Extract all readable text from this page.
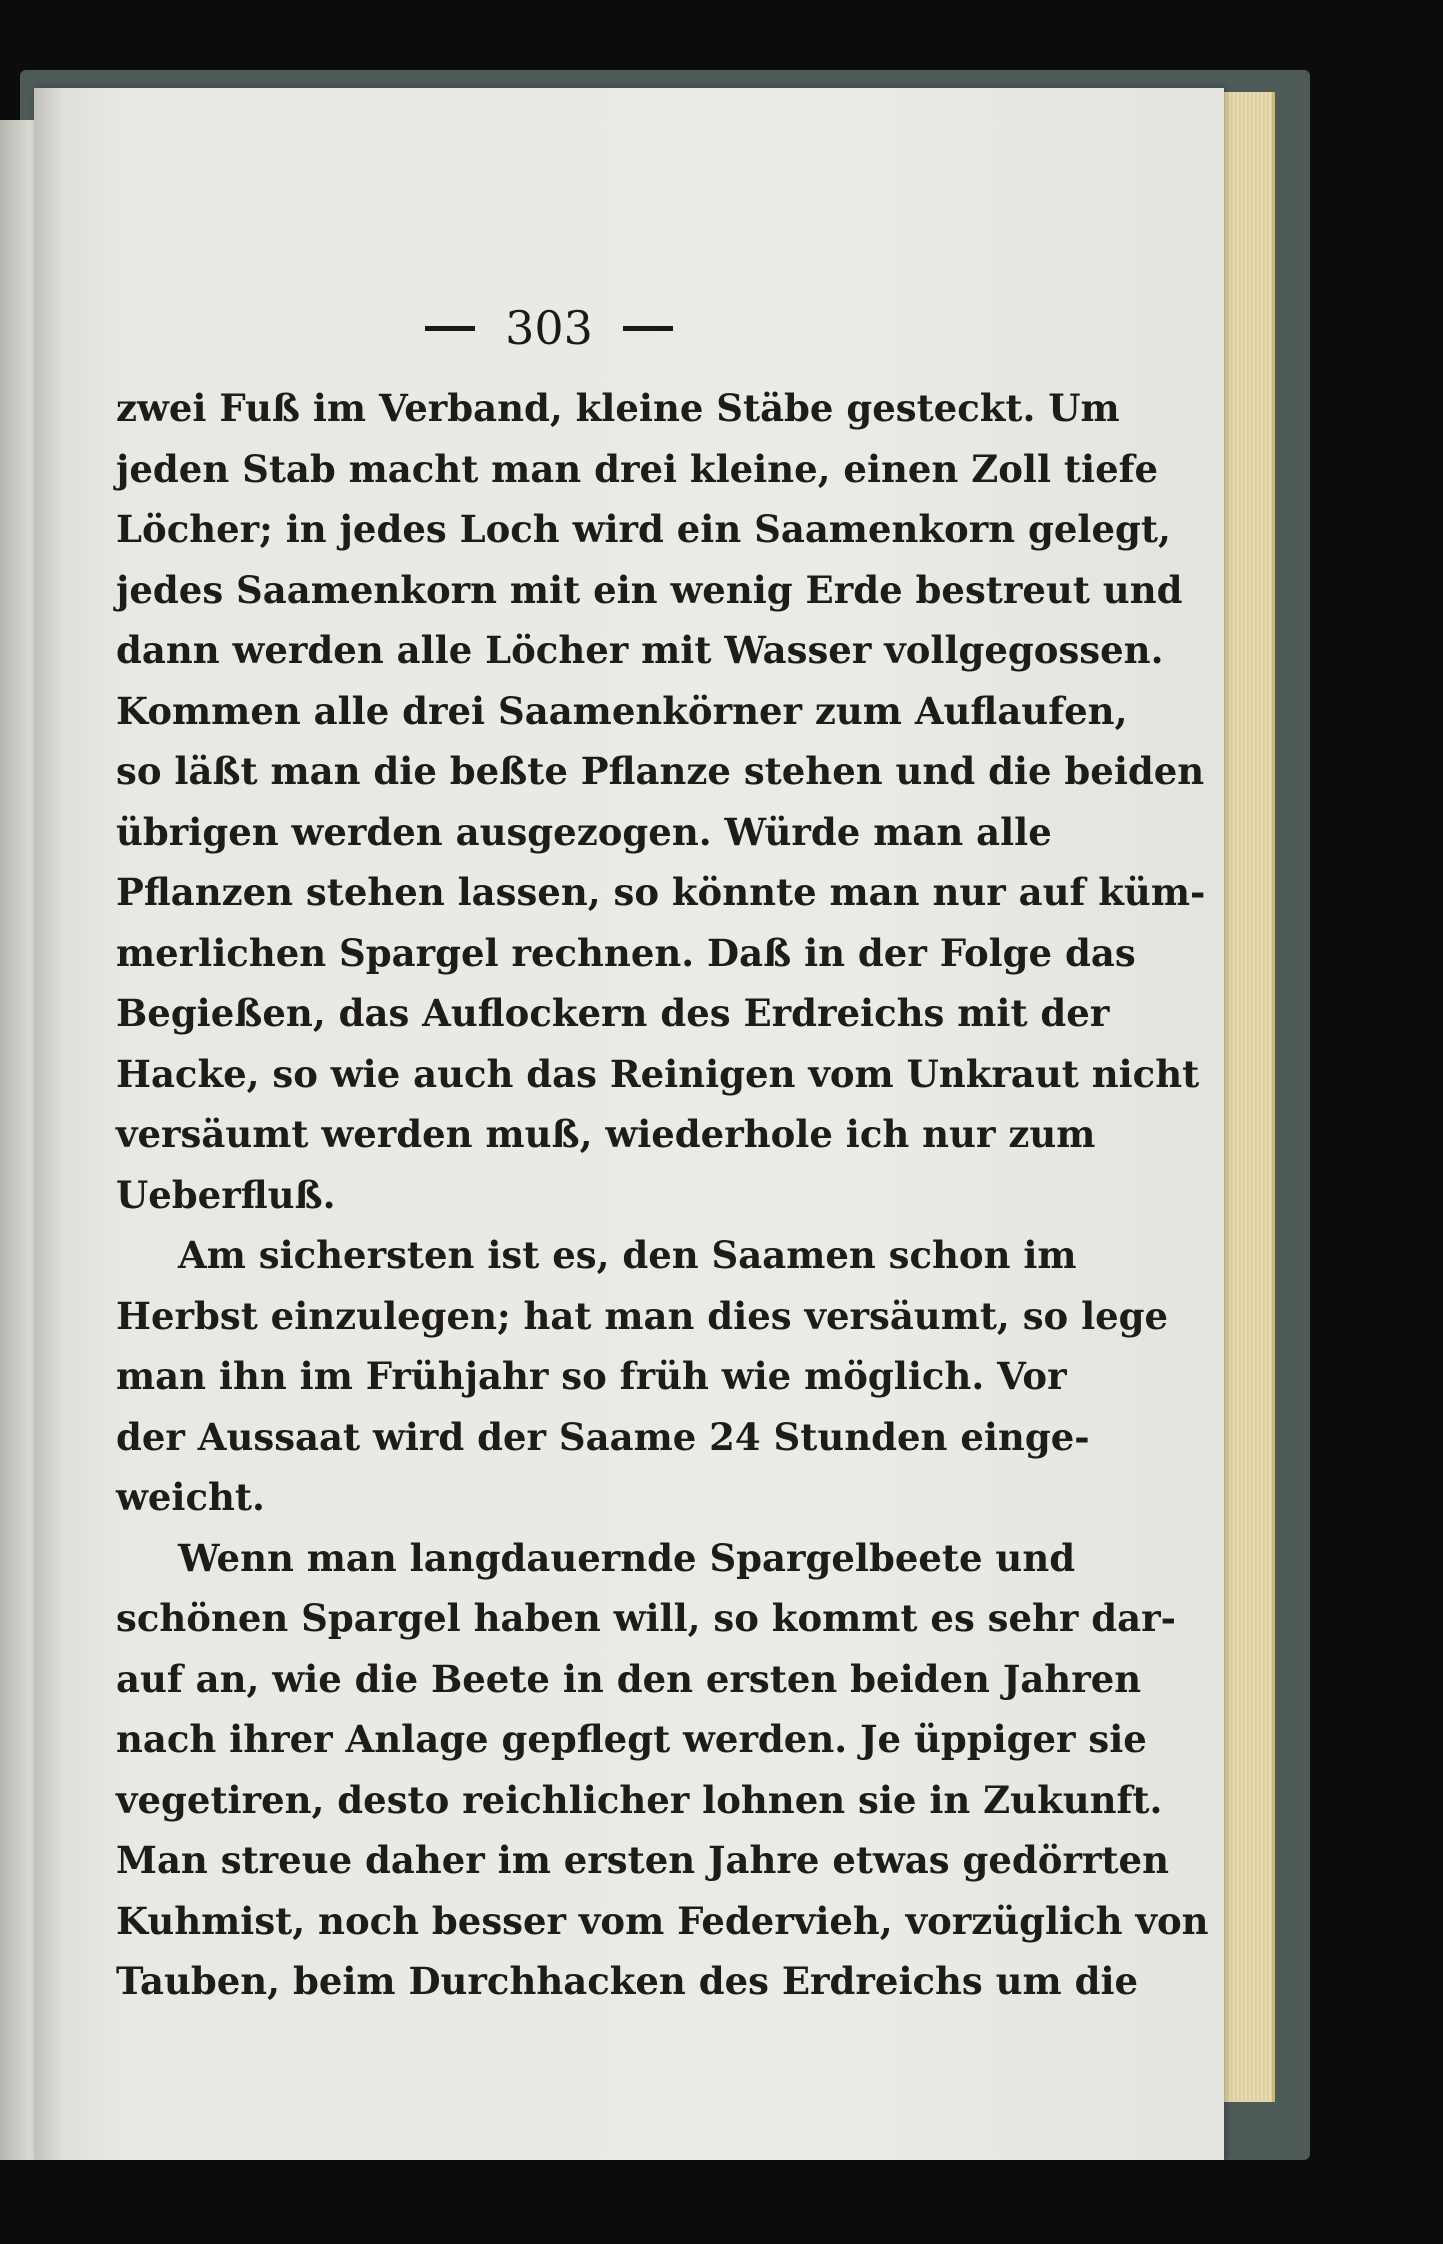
303
zwei Fuß im Verband, kleine Stäbe gesteckt. Um
jeden Stab macht man drei kleine, einen Zoll tiefe
Löcher; in jedes Loch wird ein Saamenkorn gelegt,
jedes Saamenkorn mit ein wenig Erde bestreut und
dann werden alle Löcher mit Wasser vollgegossen.
Kommen alle drei Saamenkörner zum Auflaufen,
so läßt man die beßte Pflanze stehen und die beiden
übrigen werden ausgezogen. Würde man alle
Pflanzen stehen lassen, so könnte man nur auf küm-
merlichen Spargel rechnen. Daß in der Folge das
Begießen, das Auflockern des Erdreichs mit der
Hacke, so wie auch das Reinigen vom Unkraut nicht
versäumt werden muß, wiederhole ich nur zum
Ueberfluß.
Am sichersten ist es, den Saamen schon im
Herbst einzulegen; hat man dies versäumt, so lege
man ihn im Frühjahr so früh wie möglich. Vor
der Aussaat wird der Saame 24 Stunden einge-
weicht.
Wenn man langdauernde Spargelbeete und
schönen Spargel haben will, so kommt es sehr dar-
auf an, wie die Beete in den ersten beiden Jahren
nach ihrer Anlage gepflegt werden. Je üppiger sie
vegetiren, desto reichlicher lohnen sie in Zukunft.
Man streue daher im ersten Jahre etwas gedörrten
Kuhmist, noch besser vom Federvieh, vorzüglich von
Tauben, beim Durchhacken des Erdreichs um die
